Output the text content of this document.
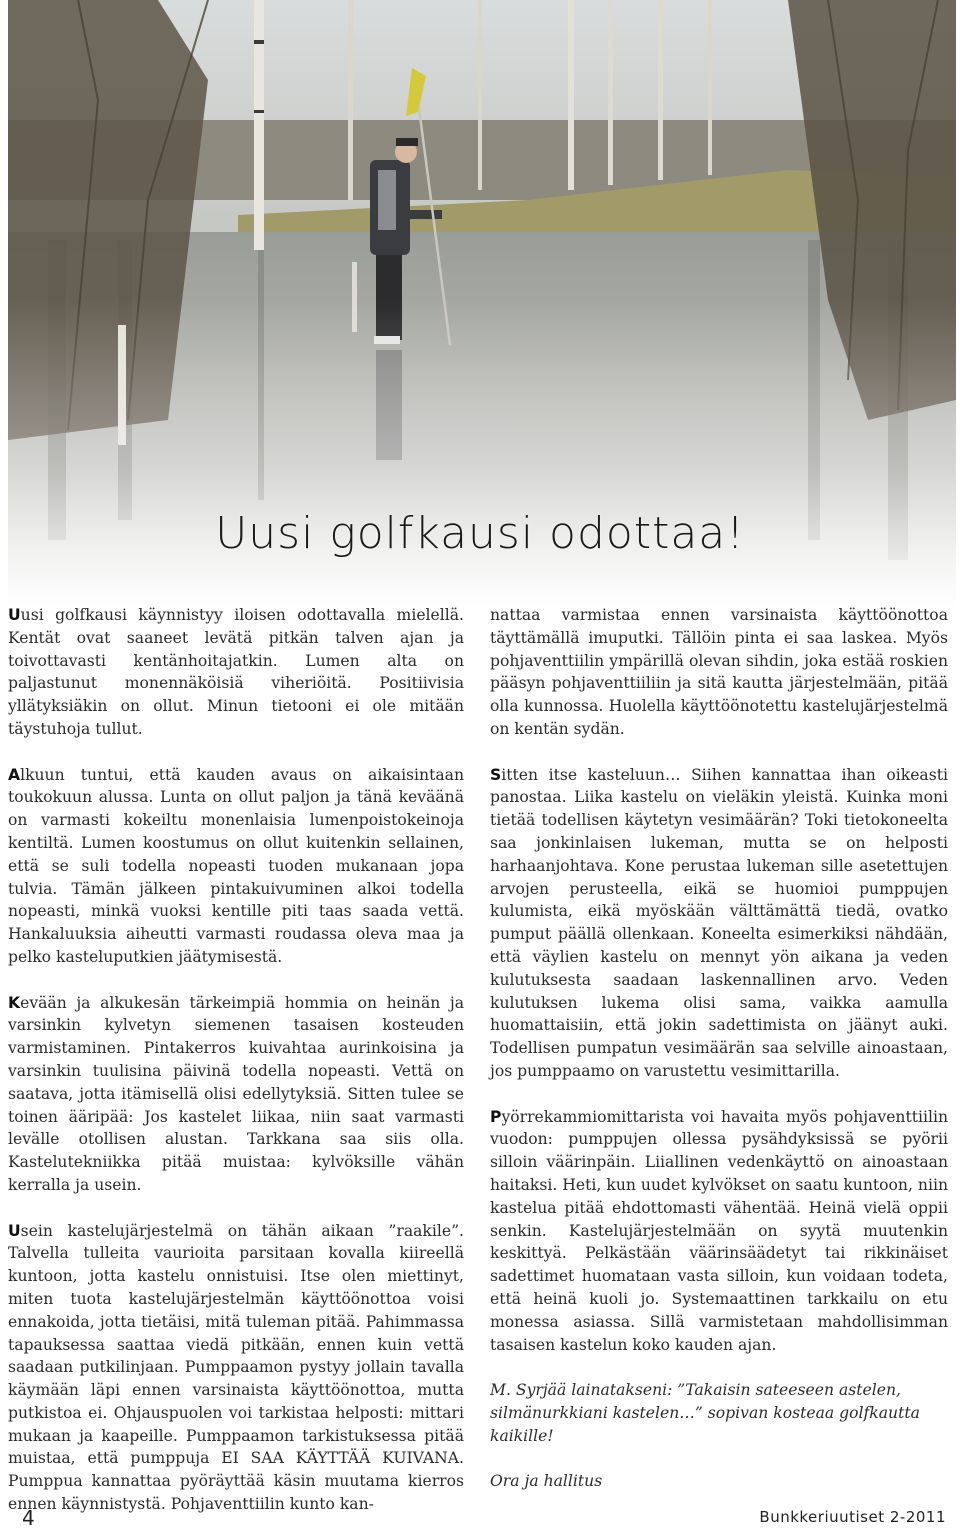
Uusi golfkausi odottaa!

Uusi golfkausi käynnistyy iloisen odottavalla mielellä. Kentät ovat saaneet levätä pitkän talven ajan ja toivottavasti kentänhoitajatkin. Lumen alta on paljastunut monennäköisiä viheriöitä. Positiivisia yllätyksiäkin on ollut. Minun tietooni ei ole mitään täystuhoja tullut.

Alkuun tuntui, että kauden avaus on aikaisintaan toukokuun alussa. Lunta on ollut paljon ja tänä keväänä on varmasti kokeiltu monenlaisia lumenpoistokeinoja kentiltä. Lumen koostumus on ollut kuitenkin sellainen, että se suli todella nopeasti tuoden mukanaan jopa tulvia. Tämän jälkeen pintakuivuminen alkoi todella nopeasti, minkä vuoksi kentille piti taas saada vettä. Hankaluuksia aiheutti varmasti roudassa oleva maa ja pelko kasteluputkien jäätymisestä.

Kevään ja alkukesän tärkeimpiä hommia on heinän ja varsinkin kylvetyn siemenen tasaisen kosteuden varmistaminen. Pintakerros kuivahtaa aurinkoisina ja varsinkin tuulisina päivinä todella nopeasti. Vettä on saatava, jotta itämisellä olisi edellytyksiä. Sitten tulee se toinen ääripää: Jos kastelet liikaa, niin saat varmasti levälle otollisen alustan. Tarkkana saa siis olla. Kastelutekniikka pitää muistaa: kylvöksille vähän kerralla ja usein.

Usein kastelujärjestelmä on tähän aikaan ”raakile”. Talvella tulleita vaurioita parsitaan kovalla kiireellä kuntoon, jotta kastelu onnistuisi. Itse olen miettinyt, miten tuota kastelujärjestelmän käyttöönottoa voisi ennakoida, jotta tietäisi, mitä tuleman pitää. Pahimmassa tapauksessa saattaa viedä pitkään, ennen kuin vettä saadaan putkilinjaan. Pumppaamon pystyy jollain tavalla käymään läpi ennen varsinaista käyttöönottoa, mutta putkistoa ei. Ohjauspuolen voi tarkistaa helposti: mittari mukaan ja kaapeille. Pumppaamon tarkistuksessa pitää muistaa, että pumppuja EI SAA KÄYTTÄÄ KUIVANA. Pumppua kannattaa pyöräyttää käsin muutama kierros ennen käynnistystä. Pohjaventtiilin kunto kan-

nattaa varmistaa ennen varsinaista käyttöönottoa täyttämällä imuputki. Tällöin pinta ei saa laskea. Myös pohjaventtiilin ympärillä olevan sihdin, joka estää roskien pääsyn pohjaventtiiliin ja sitä kautta järjestelmään, pitää olla kunnossa. Huolella käyttöönotettu kastelujärjestelmä on kentän sydän.

Sitten itse kasteluun… Siihen kannattaa ihan oikeasti panostaa. Liika kastelu on vieläkin yleistä. Kuinka moni tietää todellisen käytetyn vesimäärän? Toki tietokoneelta saa jonkinlaisen lukeman, mutta se on helposti harhaanjohtava. Kone perustaa lukeman sille asetettujen arvojen perusteella, eikä se huomioi pumppujen kulumista, eikä myöskään välttämättä tiedä, ovatko pumput päällä ollenkaan. Koneelta esimerkiksi nähdään, että väylien kastelu on mennyt yön aikana ja veden kulutuksesta saadaan laskennallinen arvo. Veden kulutuksen lukema olisi sama, vaikka aamulla huomattaisiin, että jokin sadettimista on jäänyt auki. Todellisen pumpatun vesimäärän saa selville ainoastaan, jos pumppaamo on varustettu vesimittarilla.

Pyörrekammiomittarista voi havaita myös pohjaventtiilin vuodon: pumppujen ollessa pysähdyksissä se pyörii silloin väärinpäin. Liiallinen vedenkäyttö on ainoastaan haitaksi. Heti, kun uudet kylvökset on saatu kuntoon, niin kastelua pitää ehdottomasti vähentää. Heinä vielä oppii senkin. Kastelujärjestelmään on syytä muutenkin keskittyä. Pelkästään väärinsäädetyt tai rikkinäiset sadettimet huomataan vasta silloin, kun voidaan todeta, että heinä kuoli jo. Systemaattinen tarkkailu on etu monessa asiassa. Sillä varmistetaan mahdollisimman tasaisen kastelun koko kauden ajan.

M. Syrjää lainatakseni: ”Takaisin sateeseen astelen, silmänurkkiani kastelen…” sopivan kosteaa golfkautta kaikille!

Ora ja hallitus

4	Bunkkeriuutiset 2-2011
